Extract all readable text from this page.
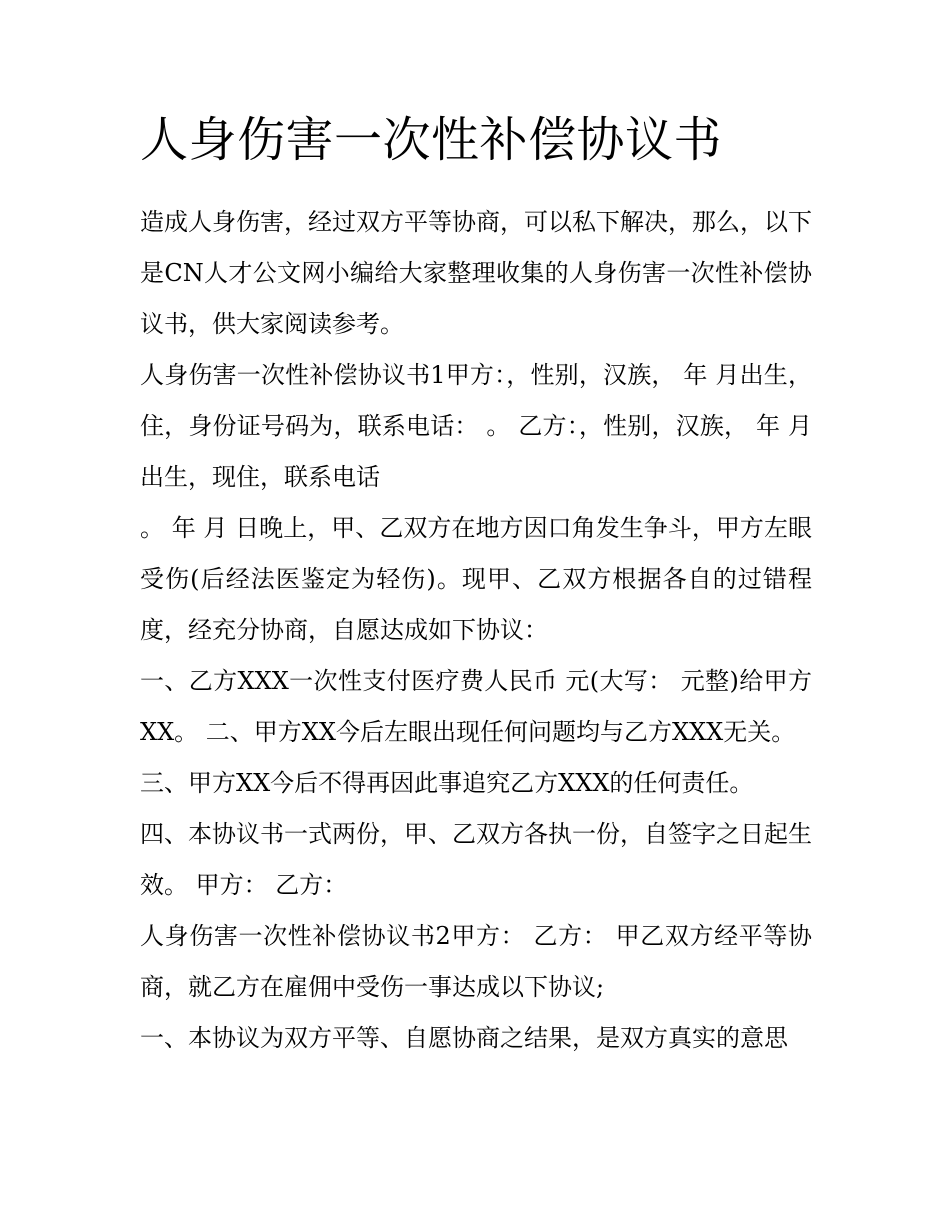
人身伤害一次性补偿协议书

造成人身伤害，经过双方平等协商，可以私下解决，那么，以下是CN人才公文网小编给大家整理收集的人身伤害一次性补偿协议书，供大家阅读参考。

人身伤害一次性补偿协议书1甲方：，性别，汉族， 年 月出生，住，身份证号码为，联系电话： 。 乙方：，性别，汉族， 年 月出生，现住，联系电话

。 年 月 日晚上，甲、乙双方在地方因口角发生争斗，甲方左眼受伤(后经法医鉴定为轻伤)。现甲、乙双方根据各自的过错程度，经充分协商，自愿达成如下协议：

一、乙方XXX一次性支付医疗费人民币 元(大写： 元整)给甲方XX。 二、甲方XX今后左眼出现任何问题均与乙方XXX无关。

三、甲方XX今后不得再因此事追究乙方XXX的任何责任。

四、本协议书一式两份，甲、乙双方各执一份，自签字之日起生效。 甲方： 乙方：

人身伤害一次性补偿协议书2甲方： 乙方： 甲乙双方经平等协商，就乙方在雇佣中受伤一事达成以下协议;

一、本协议为双方平等、自愿协商之结果，是双方真实的意思
